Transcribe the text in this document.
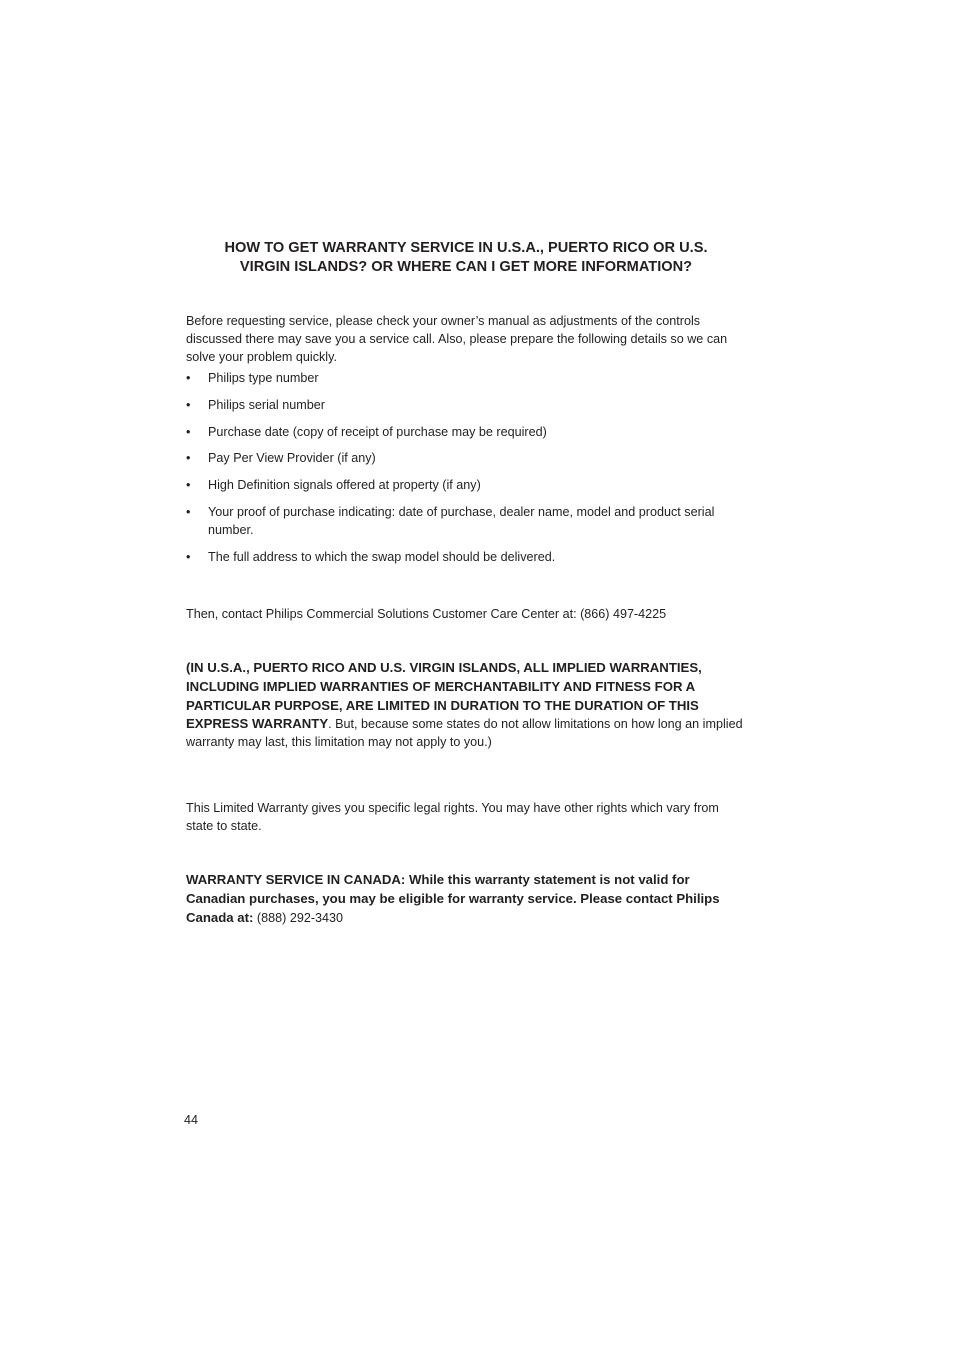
HOW TO GET WARRANTY SERVICE IN U.S.A., PUERTO RICO OR U.S.
VIRGIN ISLANDS? OR WHERE CAN I GET MORE INFORMATION?

Before requesting service, please check your owner’s manual as adjustments of the controls discussed there may save you a service call. Also, please prepare the following details so we can solve your problem quickly.

• Philips type number
• Philips serial number
• Purchase date (copy of receipt of purchase may be required)
• Pay Per View Provider (if any)
• High Definition signals offered at property (if any)
• Your proof of purchase indicating: date of purchase, dealer name, model and product serial number.
• The full address to which the swap model should be delivered.

Then, contact Philips Commercial Solutions Customer Care Center at: (866) 497-4225

(IN U.S.A., PUERTO RICO AND U.S. VIRGIN ISLANDS, ALL IMPLIED WARRANTIES, INCLUDING IMPLIED WARRANTIES OF MERCHANTABILITY AND FITNESS FOR A PARTICULAR PURPOSE, ARE LIMITED IN DURATION TO THE DURATION OF THIS EXPRESS WARRANTY. But, because some states do not allow limitations on how long an implied warranty may last, this limitation may not apply to you.)

This Limited Warranty gives you specific legal rights. You may have other rights which vary from state to state.

WARRANTY SERVICE IN CANADA: While this warranty statement is not valid for Canadian purchases, you may be eligible for warranty service. Please contact Philips Canada at: (888) 292-3430

44
